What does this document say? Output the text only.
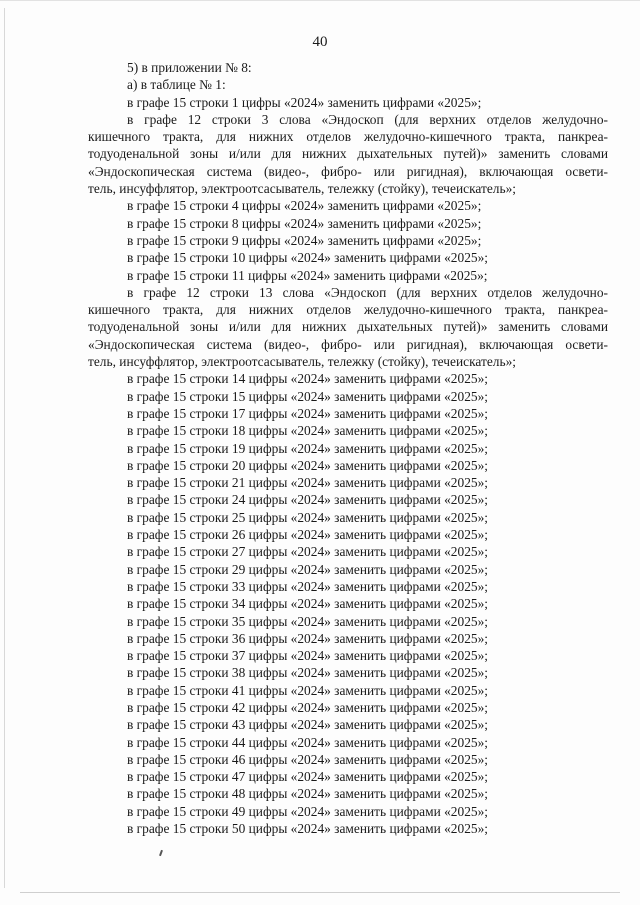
40
5) в приложении № 8:
а) в таблице № 1:
в графе 15 строки 1 цифры «2024» заменить цифрами «2025»;
в графе 12 строки 3 слова «Эндоскоп (для верхних отделов желудочно-
кишечного тракта, для нижних отделов желудочно-кишечного тракта, панкреа-
тодуоденальной зоны и/или для нижних дыхательных путей)» заменить словами
«Эндоскопическая система (видео-, фибро- или ригидная), включающая освети-
тель, инсуффлятор, электроотсасыватель, тележку (стойку), течеискатель»;
в графе 15 строки 4 цифры «2024» заменить цифрами «2025»;
в графе 15 строки 8 цифры «2024» заменить цифрами «2025»;
в графе 15 строки 9 цифры «2024» заменить цифрами «2025»;
в графе 15 строки 10 цифры «2024» заменить цифрами «2025»;
в графе 15 строки 11 цифры «2024» заменить цифрами «2025»;
в графе 12 строки 13 слова «Эндоскоп (для верхних отделов желудочно-
кишечного тракта, для нижних отделов желудочно-кишечного тракта, панкреа-
тодуоденальной зоны и/или для нижних дыхательных путей)» заменить словами
«Эндоскопическая система (видео-, фибро- или ригидная), включающая освети-
тель, инсуффлятор, электроотсасыватель, тележку (стойку), течеискатель»;
в графе 15 строки 14 цифры «2024» заменить цифрами «2025»;
в графе 15 строки 15 цифры «2024» заменить цифрами «2025»;
в графе 15 строки 17 цифры «2024» заменить цифрами «2025»;
в графе 15 строки 18 цифры «2024» заменить цифрами «2025»;
в графе 15 строки 19 цифры «2024» заменить цифрами «2025»;
в графе 15 строки 20 цифры «2024» заменить цифрами «2025»;
в графе 15 строки 21 цифры «2024» заменить цифрами «2025»;
в графе 15 строки 24 цифры «2024» заменить цифрами «2025»;
в графе 15 строки 25 цифры «2024» заменить цифрами «2025»;
в графе 15 строки 26 цифры «2024» заменить цифрами «2025»;
в графе 15 строки 27 цифры «2024» заменить цифрами «2025»;
в графе 15 строки 29 цифры «2024» заменить цифрами «2025»;
в графе 15 строки 33 цифры «2024» заменить цифрами «2025»;
в графе 15 строки 34 цифры «2024» заменить цифрами «2025»;
в графе 15 строки 35 цифры «2024» заменить цифрами «2025»;
в графе 15 строки 36 цифры «2024» заменить цифрами «2025»;
в графе 15 строки 37 цифры «2024» заменить цифрами «2025»;
в графе 15 строки 38 цифры «2024» заменить цифрами «2025»;
в графе 15 строки 41 цифры «2024» заменить цифрами «2025»;
в графе 15 строки 42 цифры «2024» заменить цифрами «2025»;
в графе 15 строки 43 цифры «2024» заменить цифрами «2025»;
в графе 15 строки 44 цифры «2024» заменить цифрами «2025»;
в графе 15 строки 46 цифры «2024» заменить цифрами «2025»;
в графе 15 строки 47 цифры «2024» заменить цифрами «2025»;
в графе 15 строки 48 цифры «2024» заменить цифрами «2025»;
в графе 15 строки 49 цифры «2024» заменить цифрами «2025»;
в графе 15 строки 50 цифры «2024» заменить цифрами «2025»;
